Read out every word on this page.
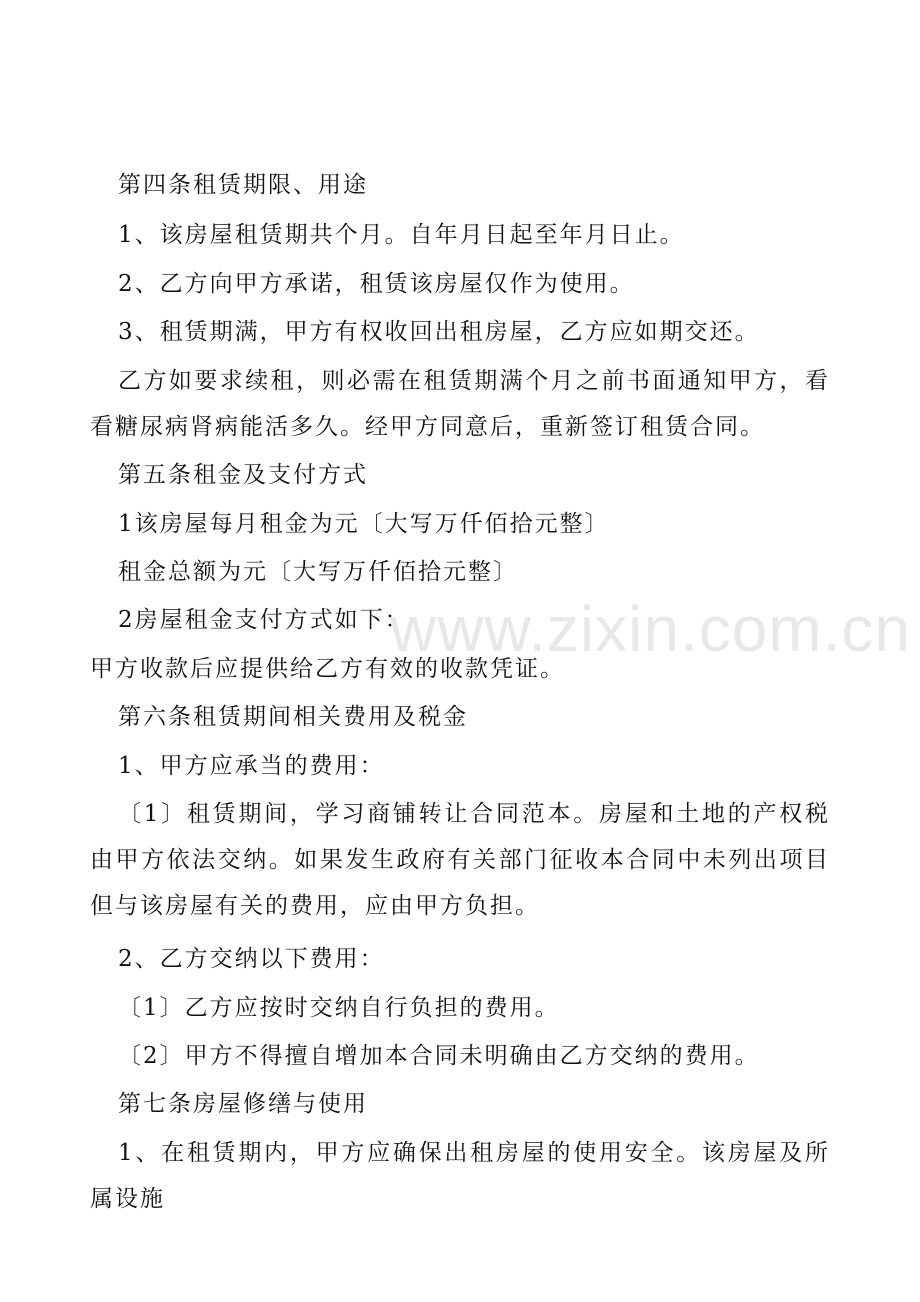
第四条租赁期限、用途

1、该房屋租赁期共个月。自年月日起至年月日止。

2、乙方向甲方承诺，租赁该房屋仅作为使用。

3、租赁期满，甲方有权收回出租房屋，乙方应如期交还。

乙方如要求续租，则必需在租赁期满个月之前书面通知甲方，看看糖尿病肾病能活多久。经甲方同意后，重新签订租赁合同。

第五条租金及支付方式

1该房屋每月租金为元〔大写万仟佰拾元整〕

租金总额为元〔大写万仟佰拾元整〕

2房屋租金支付方式如下：

甲方收款后应提供给乙方有效的收款凭证。

第六条租赁期间相关费用及税金

1、甲方应承当的费用：

〔1〕租赁期间，学习商铺转让合同范本。房屋和土地的产权税由甲方依法交纳。如果发生政府有关部门征收本合同中未列出项目但与该房屋有关的费用，应由甲方负担。

2、乙方交纳以下费用：

〔1〕乙方应按时交纳自行负担的费用。

〔2〕甲方不得擅自增加本合同未明确由乙方交纳的费用。

第七条房屋修缮与使用

1、在租赁期内，甲方应确保出租房屋的使用安全。该房屋及所属设施

www.zixin.com.cn
